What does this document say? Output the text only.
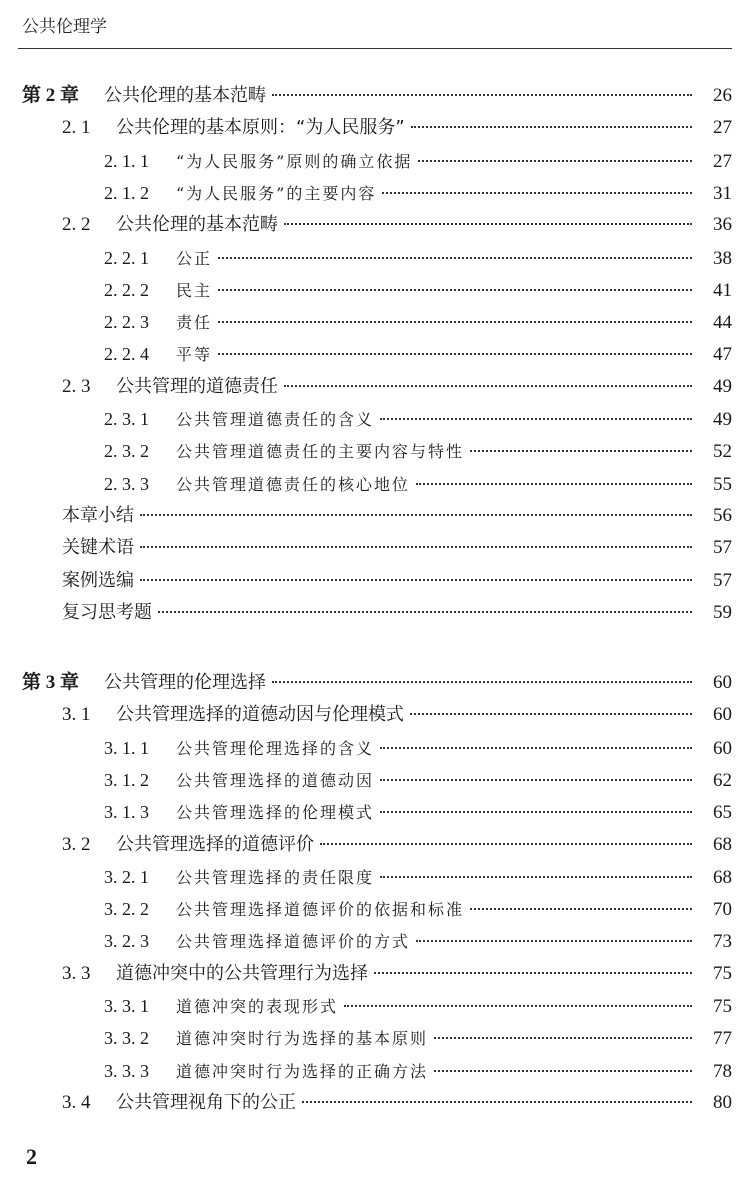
公共伦理学
第 2 章	公共伦理的基本范畴	26
2. 1	公共伦理的基本原则：“为人民服务”	27
2. 1. 1	“为人民服务”原则的确立依据	27
2. 1. 2	“为人民服务”的主要内容	31
2. 2	公共伦理的基本范畴	36
2. 2. 1	公正	38
2. 2. 2	民主	41
2. 2. 3	责任	44
2. 2. 4	平等	47
2. 3	公共管理的道德责任	49
2. 3. 1	公共管理道德责任的含义	49
2. 3. 2	公共管理道德责任的主要内容与特性	52
2. 3. 3	公共管理道德责任的核心地位	55
本章小结	56
关键术语	57
案例选编	57
复习思考题	59
第 3 章	公共管理的伦理选择	60
3. 1	公共管理选择的道德动因与伦理模式	60
3. 1. 1	公共管理伦理选择的含义	60
3. 1. 2	公共管理选择的道德动因	62
3. 1. 3	公共管理选择的伦理模式	65
3. 2	公共管理选择的道德评价	68
3. 2. 1	公共管理选择的责任限度	68
3. 2. 2	公共管理选择道德评价的依据和标准	70
3. 2. 3	公共管理选择道德评价的方式	73
3. 3	道德冲突中的公共管理行为选择	75
3. 3. 1	道德冲突的表现形式	75
3. 3. 2	道德冲突时行为选择的基本原则	77
3. 3. 3	道德冲突时行为选择的正确方法	78
3. 4	公共管理视角下的公正	80
2
